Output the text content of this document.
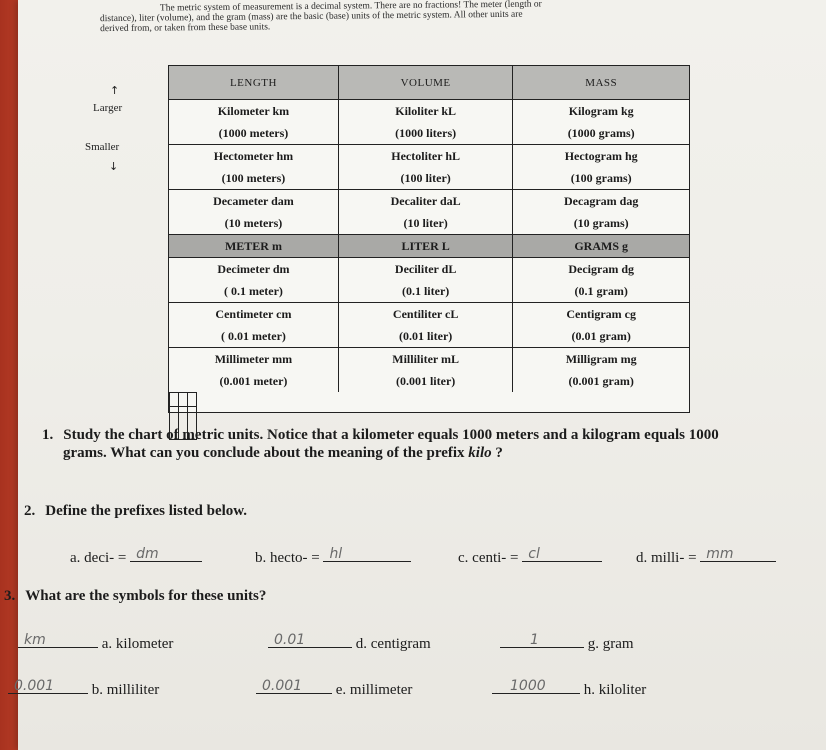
The metric system of measurement is a decimal system. There are no fractions! The meter (length or
distance), liter (volume), and the gram (mass) are the basic (base) units of the metric system. All other units are
derived from, or taken from these base units.
↑
Larger
Smaller
↓
LENGTH	VOLUME	MASS
Kilometer km	Kiloliter kL	Kilogram kg
(1000 meters)	(1000 liters)	(1000 grams)
Hectometer hm	Hectoliter hL	Hectogram hg
(100 meters)	(100 liter)	(100 grams)
Decameter dam	Decaliter daL	Decagram dag
(10 meters)	(10 liter)	(10 grams)
METER m	LITER L	GRAMS g
Decimeter dm	Deciliter dL	Decigram dg
( 0.1 meter)	(0.1 liter)	(0.1 gram)
Centimeter cm	Centiliter cL	Centigram cg
( 0.01 meter)	(0.01 liter)	(0.01 gram)
Millimeter mm	Milliliter mL	Milligram mg
(0.001 meter)	(0.001 liter)	(0.001 gram)

1. Study the chart of metric units. Notice that a kilometer equals 1000 meters and a kilogram equals 1000
grams. What can you conclude about the meaning of the prefix kilo ?
2. Define the prefixes listed below.
a. deci- = dm	b. hecto- = hl	c. centi- = cl	d. milli- = mm
3. What are the symbols for these units?
km	a. kilometer	0.01	d. centigram	1	g. gram
0.001	b. milliliter	0.001 e. millimeter	1000	h. kiloliter
